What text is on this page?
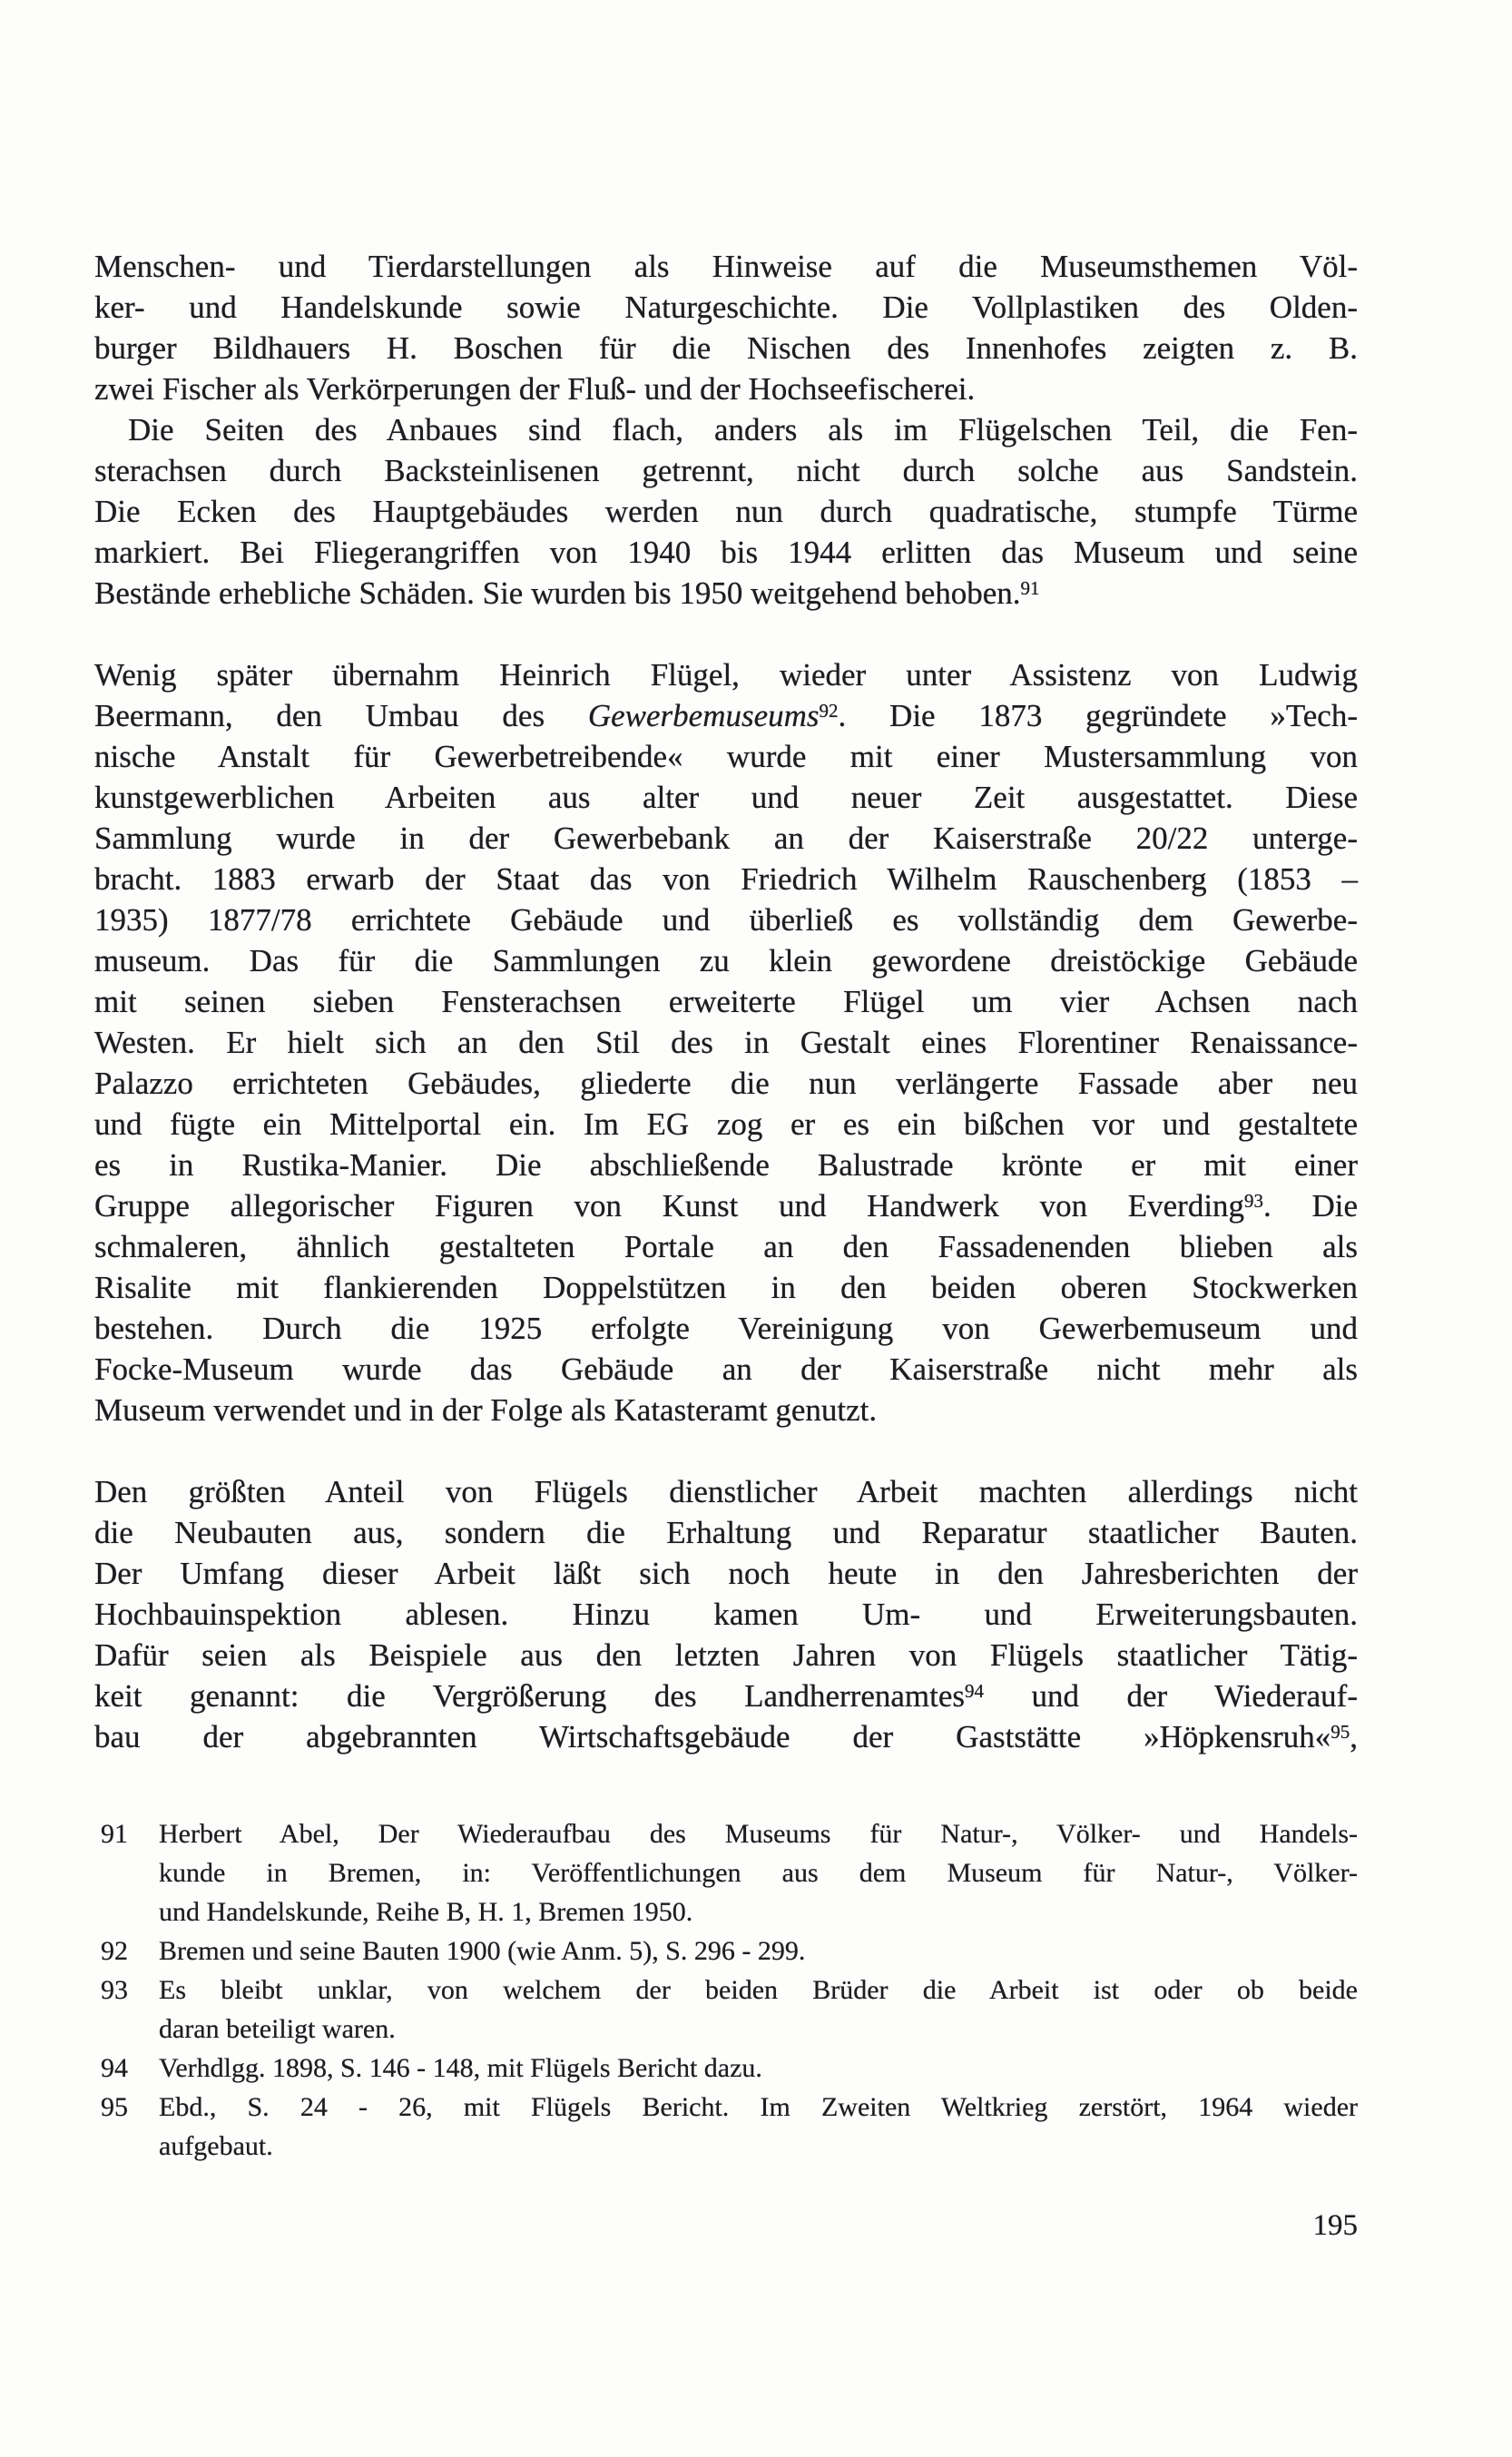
Menschen- und Tierdarstellungen als Hinweise auf die Museumsthemen Völ-
ker- und Handelskunde sowie Naturgeschichte. Die Vollplastiken des Olden-
burger Bildhauers H. Boschen für die Nischen des Innenhofes zeigten z. B.
zwei Fischer als Verkörperungen der Fluß- und der Hochseefischerei.
Die Seiten des Anbaues sind flach, anders als im Flügelschen Teil, die Fen-
sterachsen durch Backsteinlisenen getrennt, nicht durch solche aus Sandstein.
Die Ecken des Hauptgebäudes werden nun durch quadratische, stumpfe Türme
markiert. Bei Fliegerangriffen von 1940 bis 1944 erlitten das Museum und seine
Bestände erhebliche Schäden. Sie wurden bis 1950 weitgehend behoben.$^{91}$
Wenig später übernahm Heinrich Flügel, wieder unter Assistenz von Ludwig
Beermann, den Umbau des Gewerbemuseums$^{92}$. Die 1873 gegründete »Tech-
nische Anstalt für Gewerbetreibende« wurde mit einer Mustersammlung von
kunstgewerblichen Arbeiten aus alter und neuer Zeit ausgestattet. Diese
Sammlung wurde in der Gewerbebank an der Kaiserstraße 20/22 unterge-
bracht. 1883 erwarb der Staat das von Friedrich Wilhelm Rauschenberg (1853 –
1935) 1877/78 errichtete Gebäude und überließ es vollständig dem Gewerbe-
museum. Das für die Sammlungen zu klein gewordene dreistöckige Gebäude
mit seinen sieben Fensterachsen erweiterte Flügel um vier Achsen nach
Westen. Er hielt sich an den Stil des in Gestalt eines Florentiner Renaissance-
Palazzo errichteten Gebäudes, gliederte die nun verlängerte Fassade aber neu
und fügte ein Mittelportal ein. Im EG zog er es ein bißchen vor und gestaltete
es in Rustika-Manier. Die abschließende Balustrade krönte er mit einer
Gruppe allegorischer Figuren von Kunst und Handwerk von Everding$^{93}$. Die
schmaleren, ähnlich gestalteten Portale an den Fassadenenden blieben als
Risalite mit flankierenden Doppelstützen in den beiden oberen Stockwerken
bestehen. Durch die 1925 erfolgte Vereinigung von Gewerbemuseum und
Focke-Museum wurde das Gebäude an der Kaiserstraße nicht mehr als
Museum verwendet und in der Folge als Katasteramt genutzt.
Den größten Anteil von Flügels dienstlicher Arbeit machten allerdings nicht
die Neubauten aus, sondern die Erhaltung und Reparatur staatlicher Bauten.
Der Umfang dieser Arbeit läßt sich noch heute in den Jahresberichten der
Hochbauinspektion ablesen. Hinzu kamen Um- und Erweiterungsbauten.
Dafür seien als Beispiele aus den letzten Jahren von Flügels staatlicher Tätig-
keit genannt: die Vergrößerung des Landherrenamtes$^{94}$ und der Wiederauf-
bau der abgebrannten Wirtschaftsgebäude der Gaststätte »Höpkensruh«$^{95}$,
91	Herbert Abel, Der Wiederaufbau des Museums für Natur-, Völker- und Handels-
kunde in Bremen, in: Veröffentlichungen aus dem Museum für Natur-, Völker-
und Handelskunde, Reihe B, H. 1, Bremen 1950.
92	Bremen und seine Bauten 1900 (wie Anm. 5), S. 296 - 299.
93	Es bleibt unklar, von welchem der beiden Brüder die Arbeit ist oder ob beide
daran beteiligt waren.
94	Verhdlgg. 1898, S. 146 - 148, mit Flügels Bericht dazu.
95	Ebd., S. 24 - 26, mit Flügels Bericht. Im Zweiten Weltkrieg zerstört, 1964 wieder
aufgebaut.
195
